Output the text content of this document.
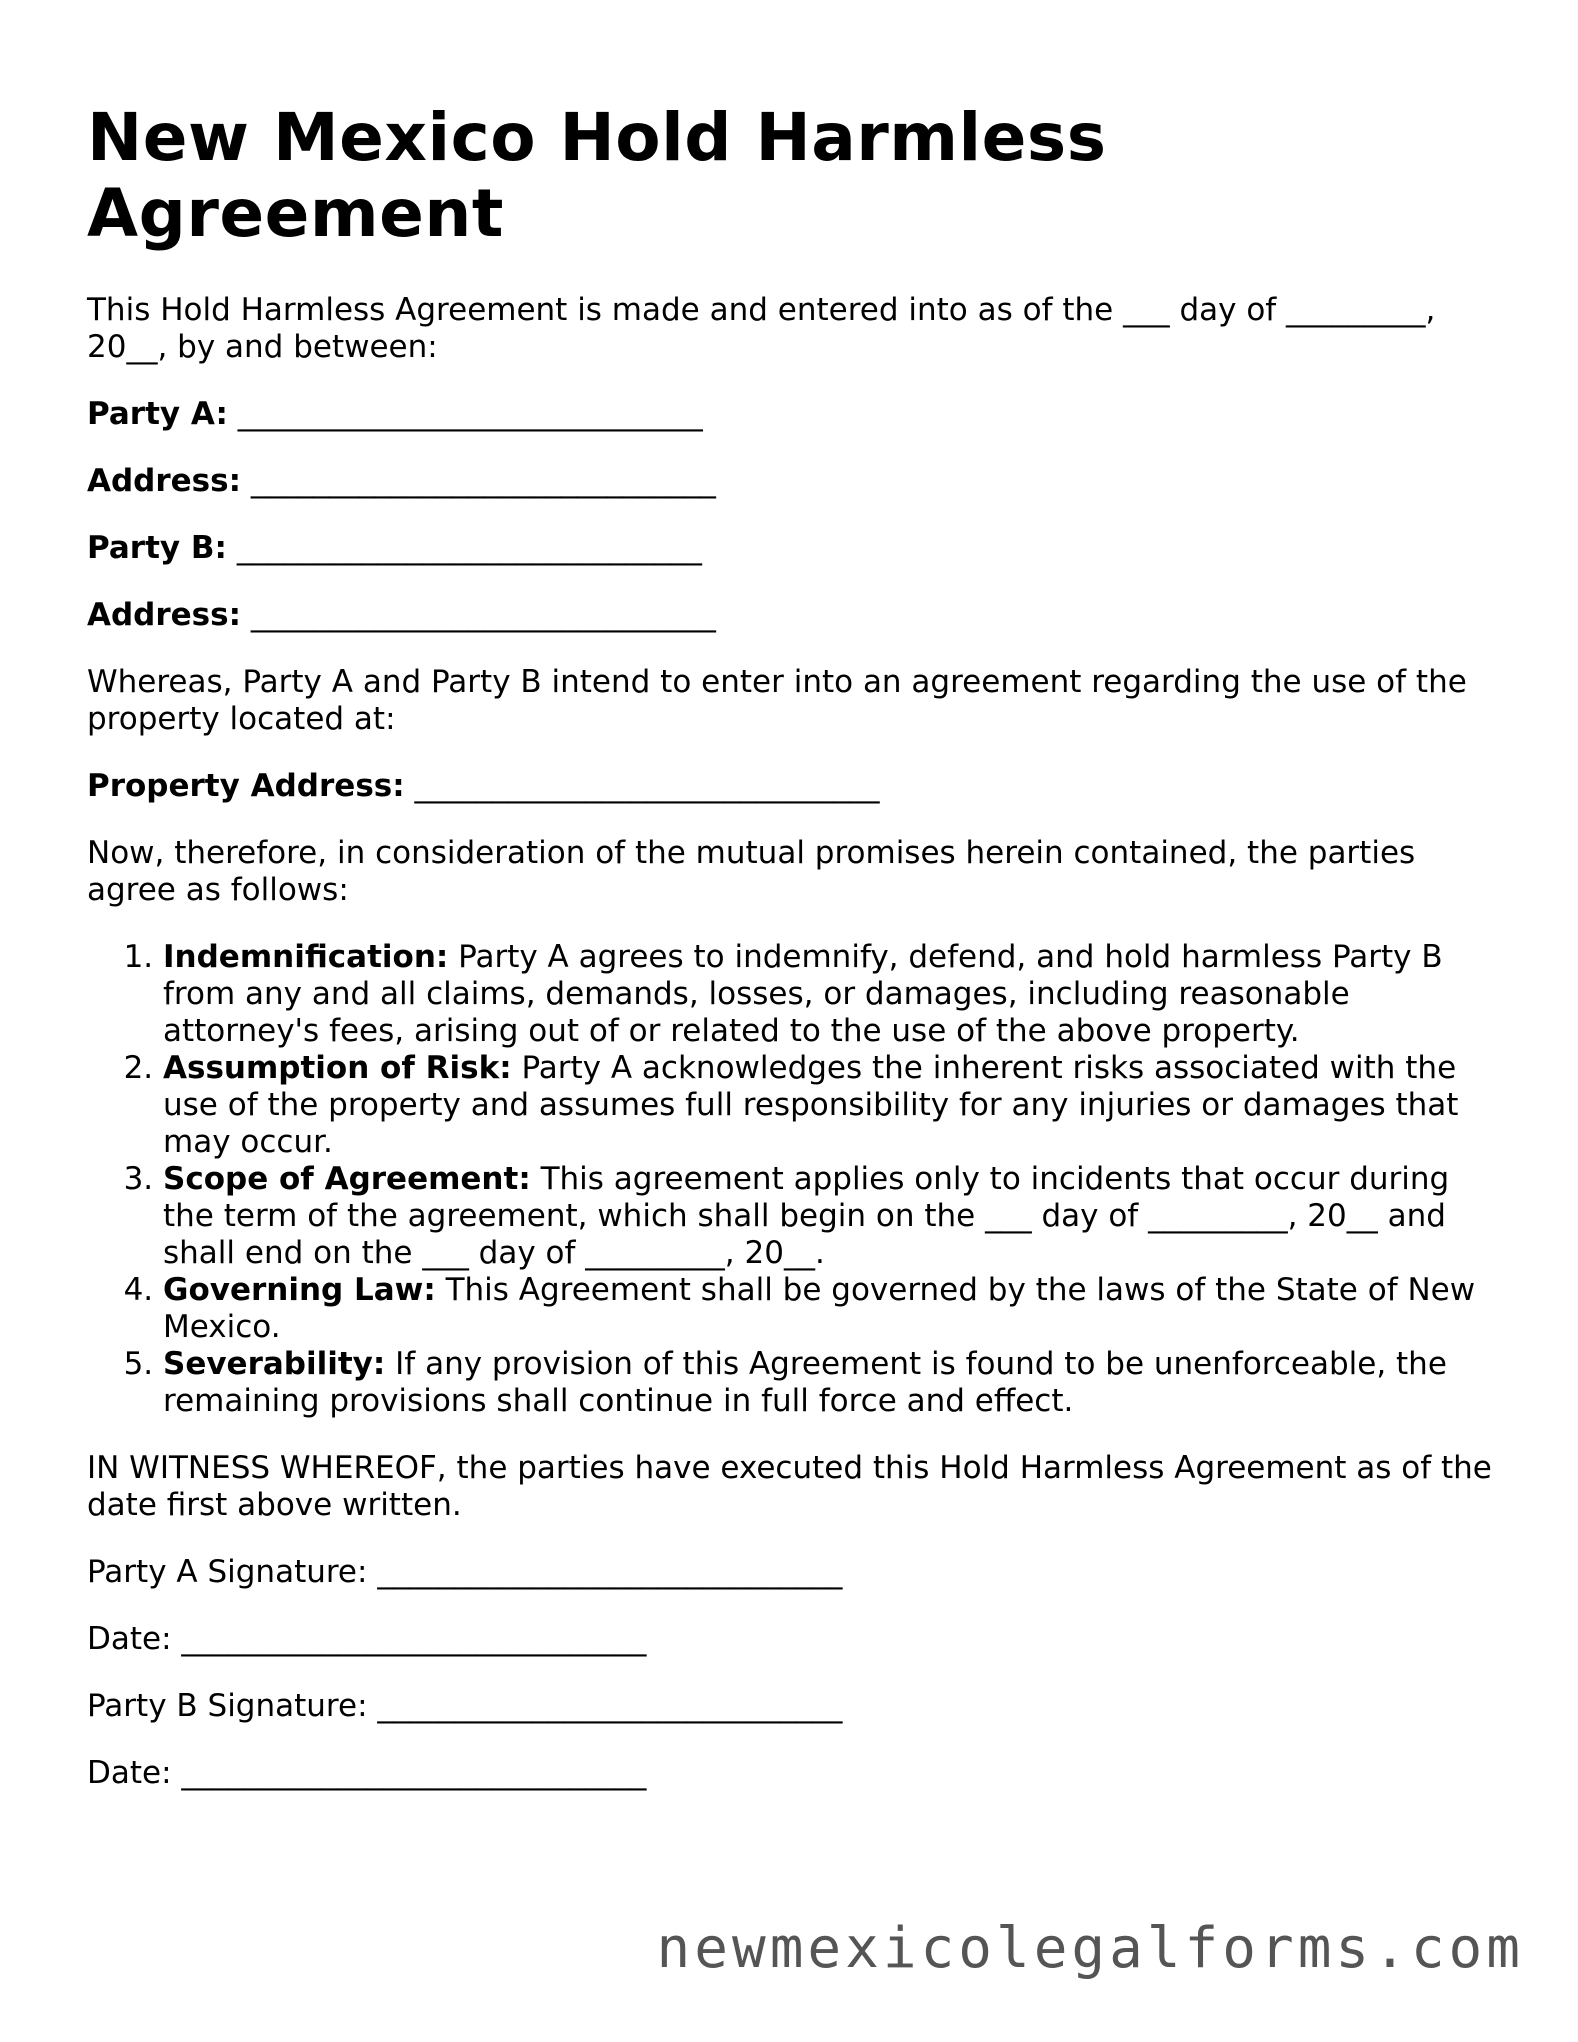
New Mexico Hold Harmless Agreement

This Hold Harmless Agreement is made and entered into as of the ___ day of _________, 20__, by and between:

Party A: ______________________________

Address: ______________________________

Party B: ______________________________

Address: ______________________________

Whereas, Party A and Party B intend to enter into an agreement regarding the use of the property located at:

Property Address: ______________________________

Now, therefore, in consideration of the mutual promises herein contained, the parties agree as follows:

1. Indemnification: Party A agrees to indemnify, defend, and hold harmless Party B from any and all claims, demands, losses, or damages, including reasonable attorney's fees, arising out of or related to the use of the above property.
2. Assumption of Risk: Party A acknowledges the inherent risks associated with the use of the property and assumes full responsibility for any injuries or damages that may occur.
3. Scope of Agreement: This agreement applies only to incidents that occur during the term of the agreement, which shall begin on the ___ day of _________, 20__ and shall end on the ___ day of _________, 20__.
4. Governing Law: This Agreement shall be governed by the laws of the State of New Mexico.
5. Severability: If any provision of this Agreement is found to be unenforceable, the remaining provisions shall continue in full force and effect.

IN WITNESS WHEREOF, the parties have executed this Hold Harmless Agreement as of the date first above written.

Party A Signature: ______________________________

Date: ______________________________

Party B Signature: ______________________________

Date: ______________________________

newmexicolegalforms.com
